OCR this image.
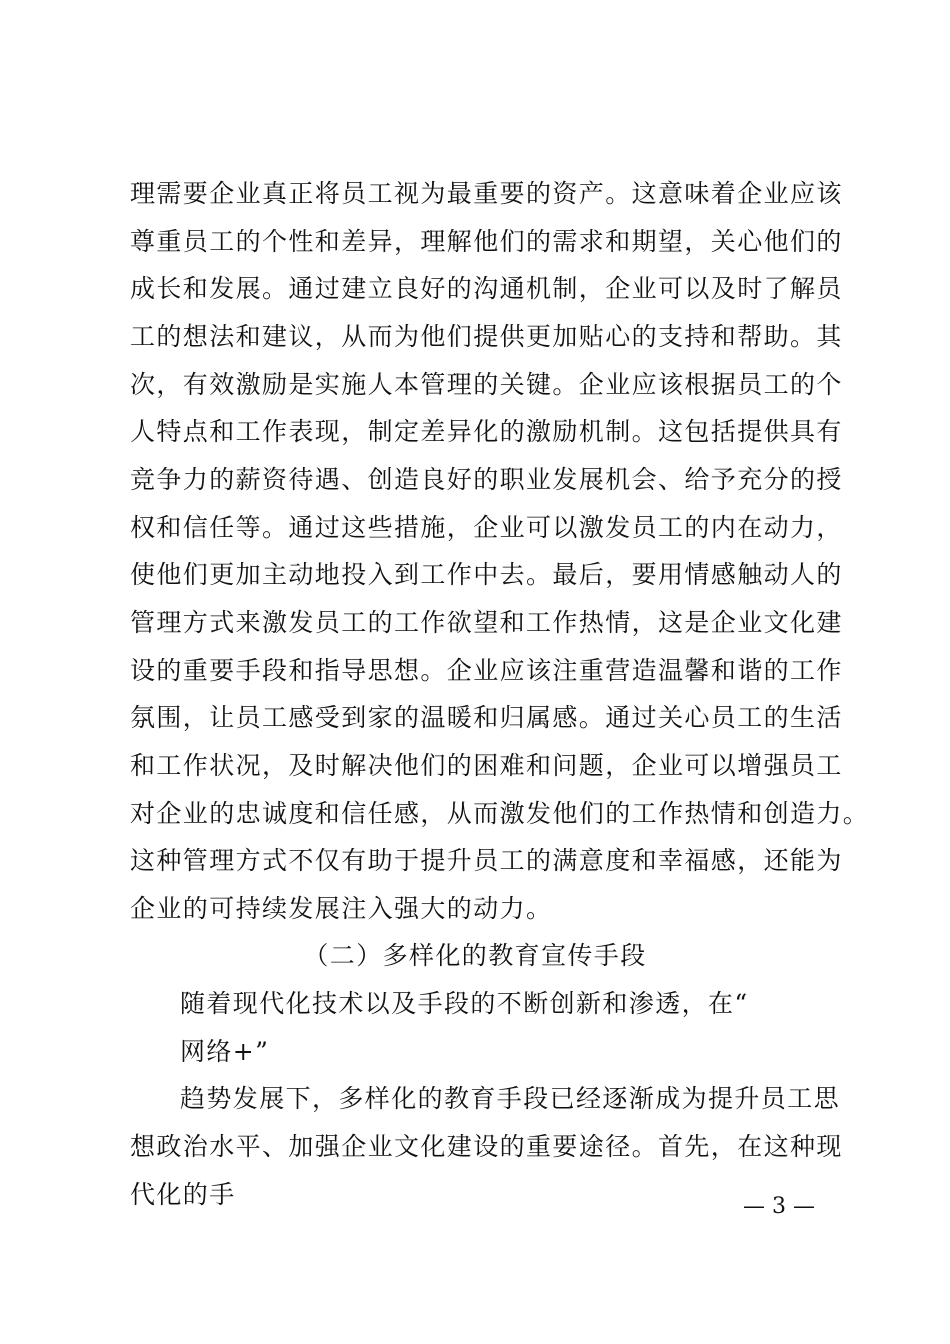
理需要企业真正将员工视为最重要的资产。这意味着企业应该
尊重员工的个性和差异，理解他们的需求和期望，关心他们的
成长和发展。通过建立良好的沟通机制，企业可以及时了解员
工的想法和建议，从而为他们提供更加贴心的支持和帮助。其
次，有效激励是实施人本管理的关键。企业应该根据员工的个
人特点和工作表现，制定差异化的激励机制。这包括提供具有
竞争力的薪资待遇、创造良好的职业发展机会、给予充分的授
权和信任等。通过这些措施，企业可以激发员工的内在动力，
使他们更加主动地投入到工作中去。最后，要用情感触动人的
管理方式来激发员工的工作欲望和工作热情，这是企业文化建
设的重要手段和指导思想。企业应该注重营造温馨和谐的工作
氛围，让员工感受到家的温暖和归属感。通过关心员工的生活
和工作状况，及时解决他们的困难和问题，企业可以增强员工
对企业的忠诚度和信任感，从而激发他们的工作热情和创造力。
这种管理方式不仅有助于提升员工的满意度和幸福感，还能为
企业的可持续发展注入强大的动力。
（二）多样化的教育宣传手段
随着现代化技术以及手段的不断创新和渗透，在“
网络+”
趋势发展下，多样化的教育手段已经逐渐成为提升员工思
想政治水平、加强企业文化建设的重要途径。首先，在这种现
代化的手	— 3 —
